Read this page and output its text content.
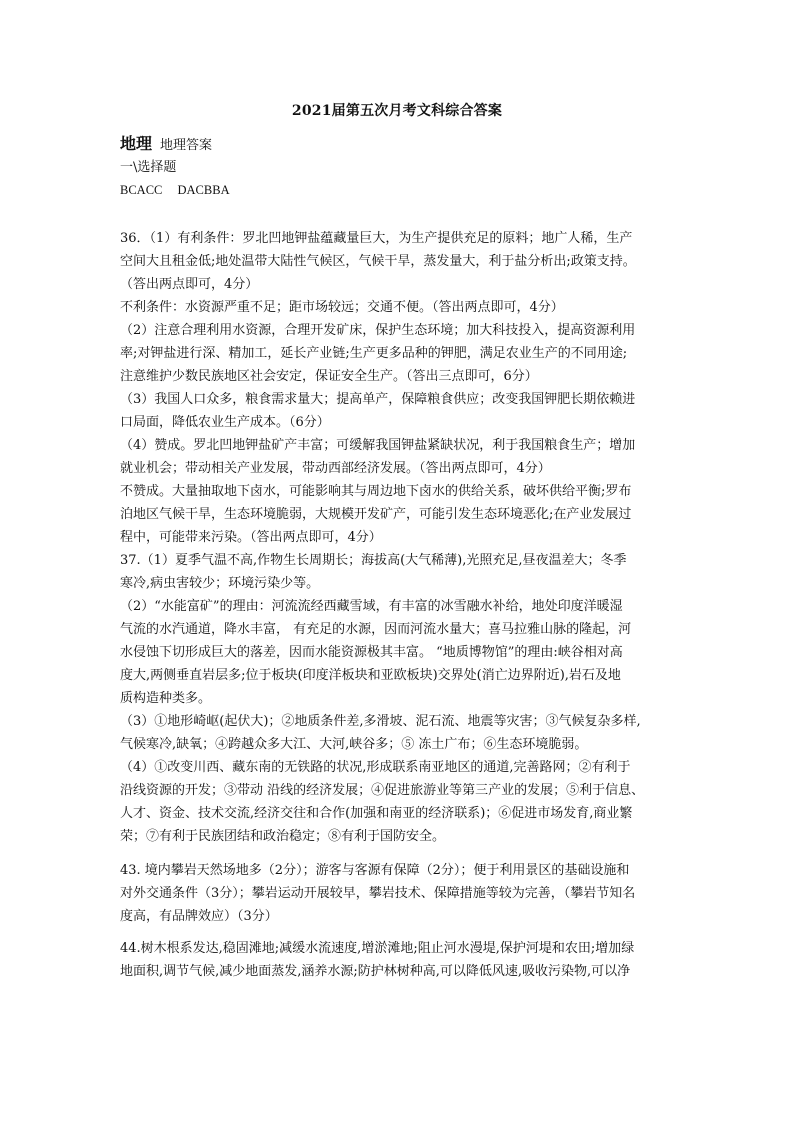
2021届第五次月考文科综合答案

地理 地理答案

一\选择题

BCACC DACBBA

36．（1）有利条件：罗北凹地钾盐蕴藏量巨大，为生产提供充足的原料；地广人稀，生产

空间大且租金低;地处温带大陆性气候区，气候干旱，蒸发量大，利于盐分析出;政策支持。

（答出两点即可，4分）

不利条件：水资源严重不足；距市场较远；交通不便。（答出两点即可，4分）

（2）注意合理利用水资源，合理开发矿床，保护生态环境；加大科技投入，提高资源利用

率;对钾盐进行深、精加工，延长产业链;生产更多品种的钾肥，满足农业生产的不同用途;

注意维护少数民族地区社会安定，保证安全生产。（答出三点即可，6分）

（3）我国人口众多，粮食需求量大；提高单产，保障粮食供应；改变我国钾肥长期依赖进

口局面，降低农业生产成本。（6分）

（4）赞成。罗北凹地钾盐矿产丰富；可缓解我国钾盐紧缺状况，利于我国粮食生产；增加

就业机会；带动相关产业发展，带动西部经济发展。（答出两点即可，4分）

不赞成。大量抽取地下卤水，可能影响其与周边地下卤水的供给关系，破坏供给平衡;罗布

泊地区气候干旱，生态环境脆弱，大规模开发矿产，可能引发生态环境恶化;在产业发展过

程中，可能带来污染。（答出两点即可，4分）

37.（1）夏季气温不高,作物生长周期长；海拔高(大气稀薄),光照充足,昼夜温差大；冬季

寒冷,病虫害较少；环境污染少等。

（2）“水能富矿”的理由：河流流经西藏雪域，有丰富的冰雪融水补给，地处印度洋暖湿

气流的水汽通道，降水丰富， 有充足的水源，因而河流水量大；喜马拉雅山脉的隆起，河

水侵蚀下切形成巨大的落差，因而水能资源极其丰富。 “地质博物馆”的理由:峡谷相对高

度大,两侧垂直岩层多;位于板块(印度洋板块和亚欧板块)交界处(消亡边界附近),岩石及地

质构造种类多。

（3）①地形崎岖(起伏大)；②地质条件差,多滑坡、泥石流、地震等灾害；③气候复杂多样,

气候寒冷,缺氧；④跨越众多大江、大河,峡谷多；⑤ 冻土广布；⑥生态环境脆弱。

（4）①改变川西、藏东南的无铁路的状况,形成联系南亚地区的通道,完善路网；②有利于

沿线资源的开发；③带动 沿线的经济发展；④促进旅游业等第三产业的发展；⑤利于信息、

人才、资金、技术交流,经济交往和合作(加强和南亚的经济联系)；⑥促进市场发育,商业繁

荣；⑦有利于民族团结和政治稳定；⑧有利于国防安全。

43. 境内攀岩天然场地多（2分）；游客与客源有保障（2分）；便于利用景区的基础设施和

对外交通条件（3分）；攀岩运动开展较早，攀岩技术、保障措施等较为完善，（攀岩节知名

度高，有品牌效应）（3分）

44.树木根系发达,稳固滩地;减缓水流速度,增淤滩地;阻止河水漫堤,保护河堤和农田;增加绿

地面积,调节气候,减少地面蒸发,涵养水源;防护林树种高,可以降低风速,吸收污染物,可以净
